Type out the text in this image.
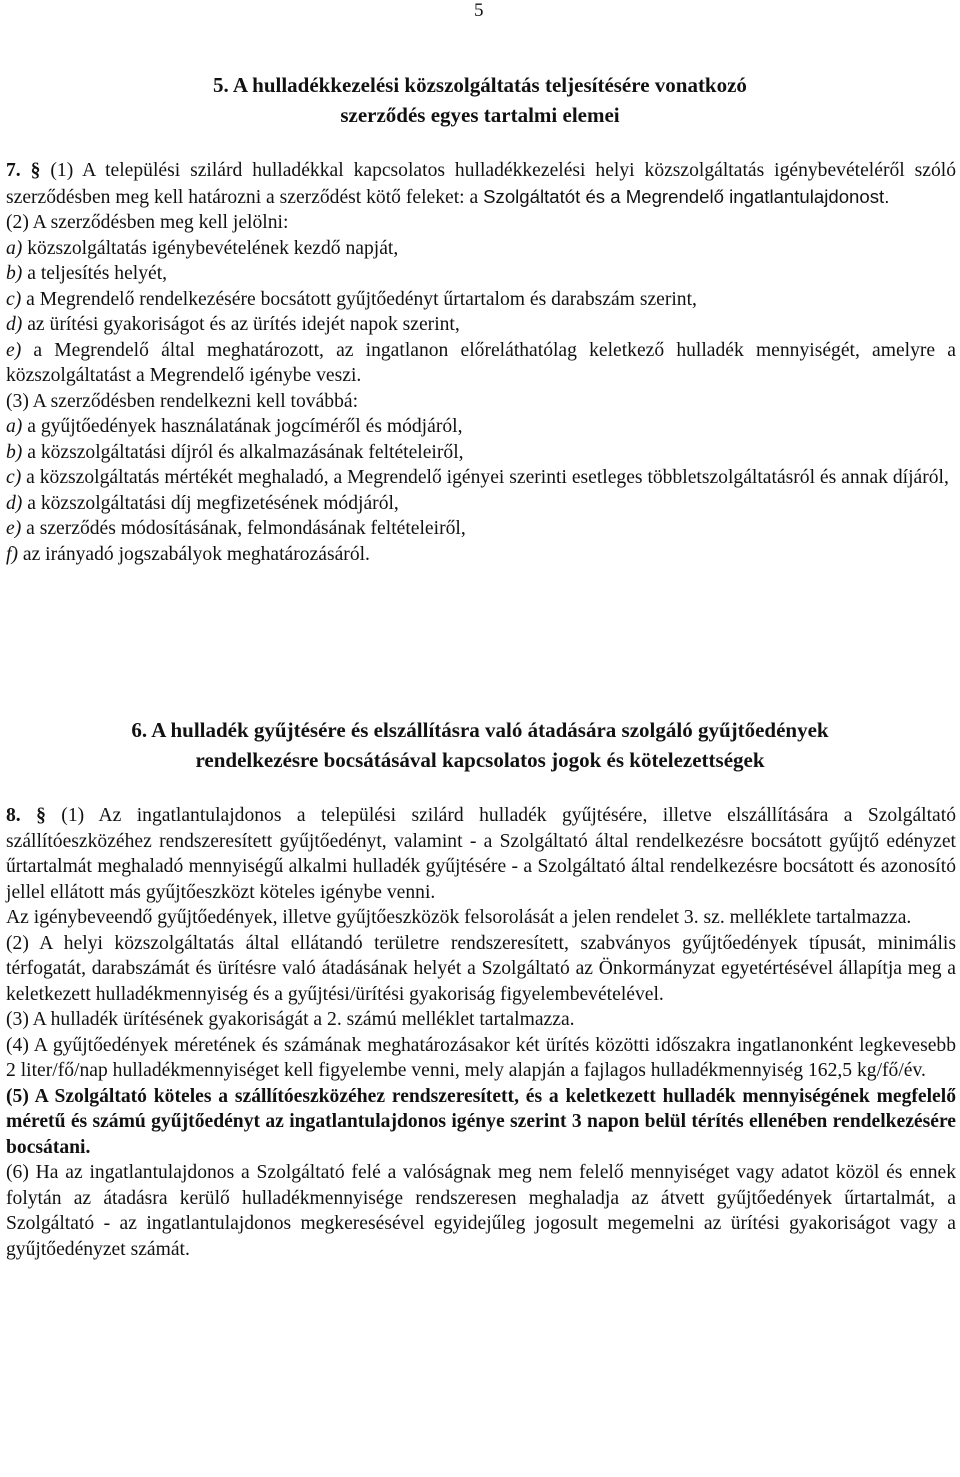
5
5. A hulladékkezelési közszolgáltatás teljesítésére vonatkozó
szerződés egyes tartalmi elemei

7. § (1) A települési szilárd hulladékkal kapcsolatos hulladékkezelési helyi közszolgáltatás igénybevételéről szóló szerződésben meg kell határozni a szerződést kötő feleket: a Szolgáltatót és a Megrendelő ingatlantulajdonost.

(2) A szerződésben meg kell jelölni:

a) közszolgáltatás igénybevételének kezdő napját,

b) a teljesítés helyét,

c) a Megrendelő rendelkezésére bocsátott gyűjtőedényt űrtartalom és darabszám szerint,

d) az ürítési gyakoriságot és az ürítés idejét napok szerint,

e) a Megrendelő által meghatározott, az ingatlanon előreláthatólag keletkező hulladék mennyiségét, amelyre a közszolgáltatást a Megrendelő igénybe veszi.

(3) A szerződésben rendelkezni kell továbbá:

a) a gyűjtőedények használatának jogcíméről és módjáról,

b) a közszolgáltatási díjról és alkalmazásának feltételeiről,

c) a közszolgáltatás mértékét meghaladó, a Megrendelő igényei szerinti esetleges többletszolgáltatásról és annak díjáról,

d) a közszolgáltatási díj megfizetésének módjáról,

e) a szerződés módosításának, felmondásának feltételeiről,

f) az irányadó jogszabályok meghatározásáról.

6. A hulladék gyűjtésére és elszállításra való átadására szolgáló gyűjtőedények
rendelkezésre bocsátásával kapcsolatos jogok és kötelezettségek

8. § (1) Az ingatlantulajdonos a települési szilárd hulladék gyűjtésére, illetve elszállítására a Szolgáltató szállítóeszközéhez rendszeresített gyűjtőedényt, valamint - a Szolgáltató által rendelkezésre bocsátott gyűjtő edényzet űrtartalmát meghaladó mennyiségű alkalmi hulladék gyűjtésére - a Szolgáltató által rendelkezésre bocsátott és azonosító jellel ellátott más gyűjtőeszközt köteles igénybe venni.

Az igénybeveendő gyűjtőedények, illetve gyűjtőeszközök felsorolását a jelen rendelet 3. sz. melléklete tartalmazza.

(2) A helyi közszolgáltatás által ellátandó területre rendszeresített, szabványos gyűjtőedények típusát, minimális térfogatát, darabszámát és ürítésre való átadásának helyét a Szolgáltató az Önkormányzat egyetértésével állapítja meg a keletkezett hulladékmennyiség és a gyűjtési/ürítési gyakoriság figyelembevételével.

(3) A hulladék ürítésének gyakoriságát a 2. számú melléklet tartalmazza.

(4) A gyűjtőedények méretének és számának meghatározásakor két ürítés közötti időszakra ingatlanonként legkevesebb 2 liter/fő/nap hulladékmennyiséget kell figyelembe venni, mely alapján a fajlagos hulladékmennyiség 162,5 kg/fő/év.

(5) A Szolgáltató köteles a szállítóeszközéhez rendszeresített, és a keletkezett hulladék mennyiségének megfelelő méretű és számú gyűjtőedényt az ingatlantulajdonos igénye szerint 3 napon belül térítés ellenében rendelkezésére bocsátani.

(6) Ha az ingatlantulajdonos a Szolgáltató felé a valóságnak meg nem felelő mennyiséget vagy adatot közöl és ennek folytán az átadásra kerülő hulladékmennyisége rendszeresen meghaladja az átvett gyűjtőedények űrtartalmát, a Szolgáltató - az ingatlantulajdonos megkeresésével egyidejűleg jogosult megemelni az ürítési gyakoriságot vagy a gyűjtőedényzet számát.
